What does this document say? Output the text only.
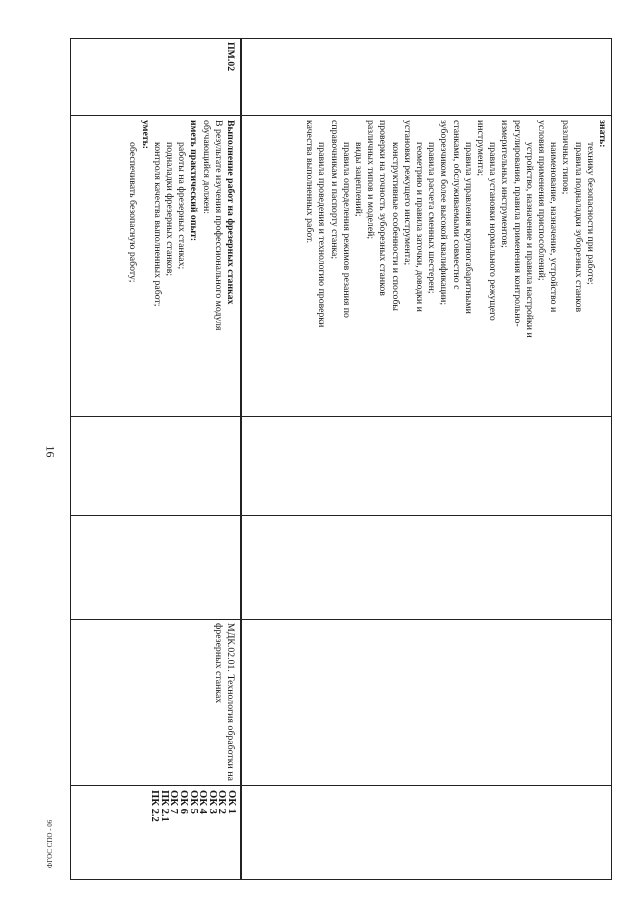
16
ФГОС СПО - 06

знать:

технику безопасности при работе;

правила подналадки зуборезных станков

различных типов;

наименование, назначение, устройство и

условия применения приспособлений;

устройство, назначение и правила настройки и

регулирования, правила применения контрольно-

измерительных инструментов;

правила установки нормального режущего

инструмента;

правила управления крупногабаритными

станками, обслуживаемыми совместно с

зуборезчиком более высокой квалификации;

правила расчета сменных шестерен;

геометрию и правила заточки, доводки и

установки режущего инструмента;

конструктивные особенности и способы

проверки на точность зуборезных станков

различных типов и моделей;

виды зацеплений;

правила определения режимов резания по

справочникам и паспорту станка;

правила проведения и технологию проверки

качества выполненных работ.

ПМ.02

Выполнение работ на фрезерных станках

В результате изучения профессионального модуля

обучающийся должен:

иметь практический опыт:

работы на фрезерных станках;

подналадки фрезерных станков;

контроля качества выполненных работ;

уметь:

обеспечивать безопасную работу;

МДК.02.01. Технология обработки на фрезерных станках

ОК 1

ОК 2

ОК 3

ОК 4

ОК 5

ОК 6

ОК 7

ПК 2.1

ПК 2.2
